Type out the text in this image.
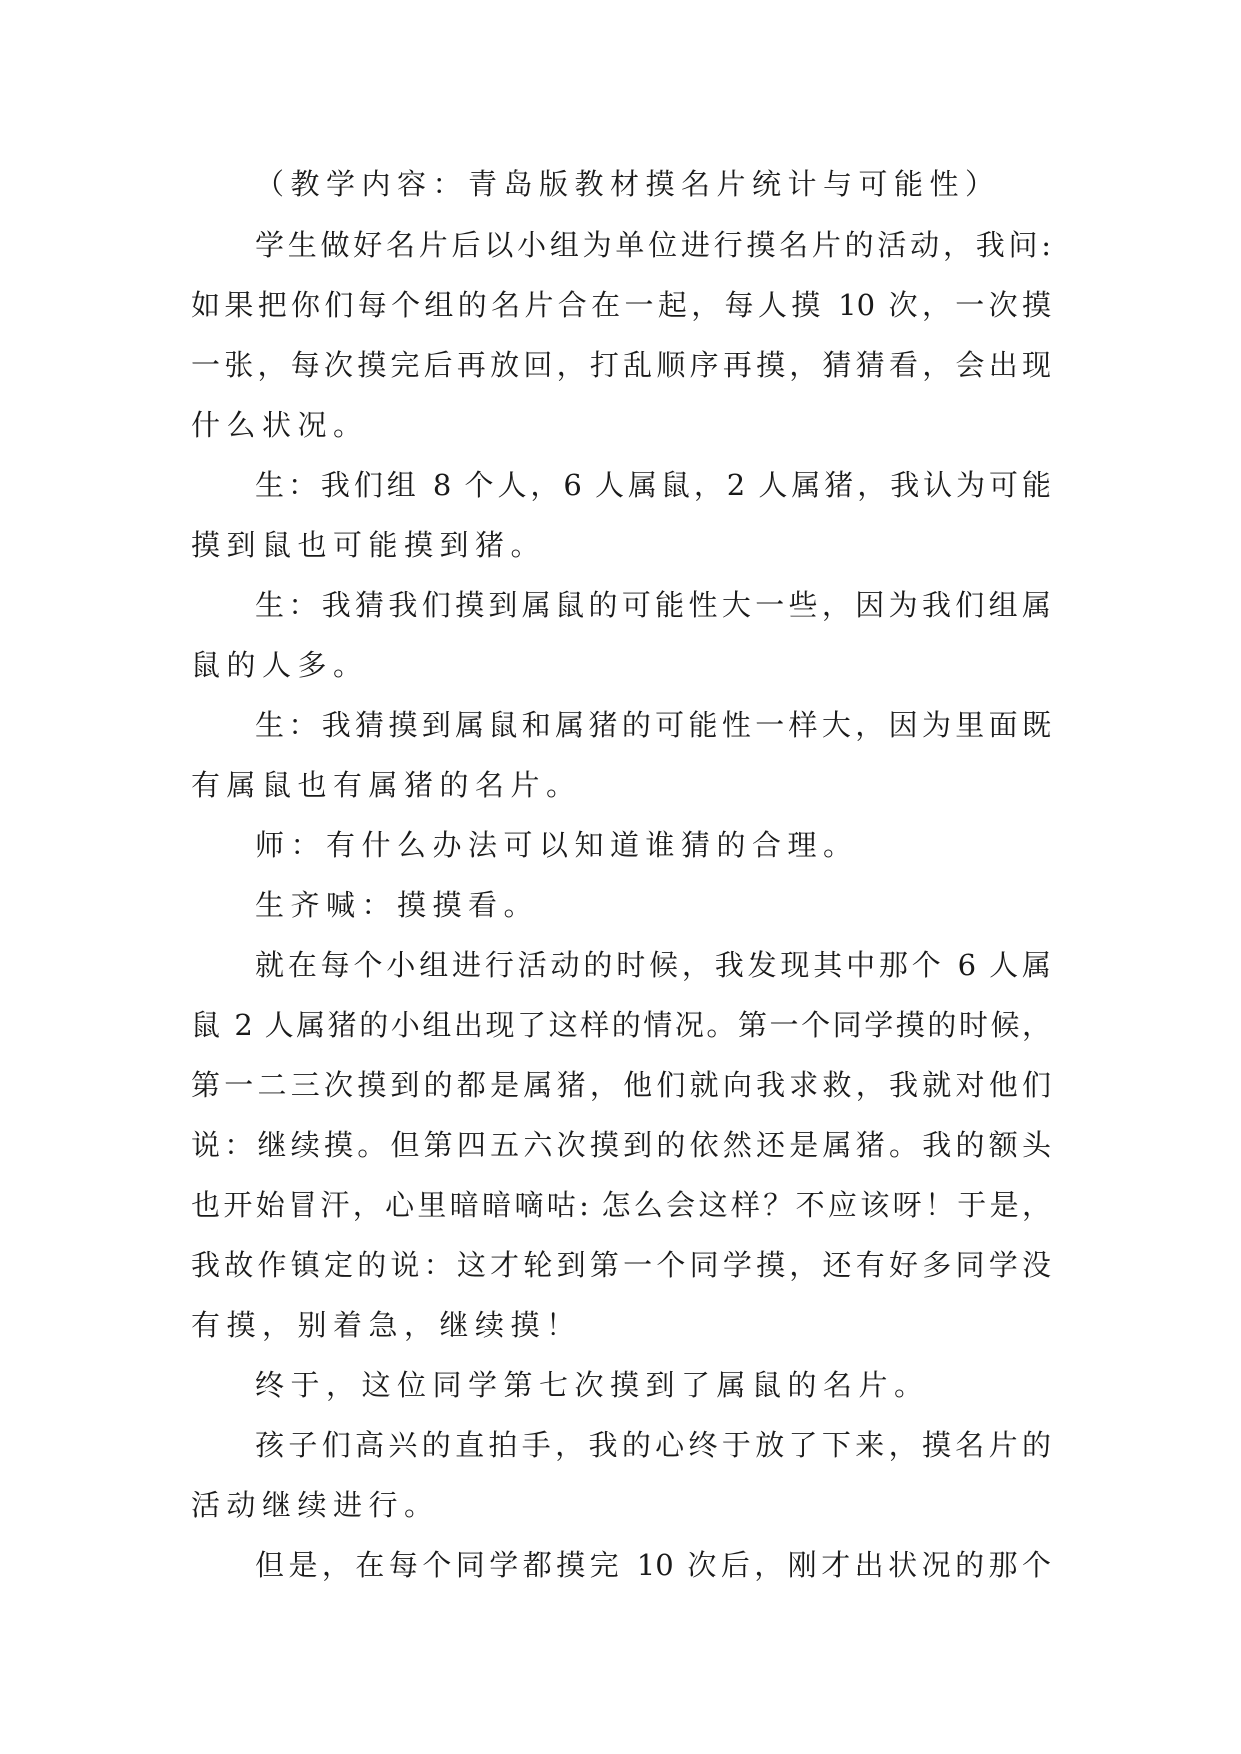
（教学内容：青岛版教材摸名片统计与可能性）
学生做好名片后以小组为单位进行摸名片的活动，我问:
如果把你们每个组的名片合在一起，每人摸 10 次，一次摸
一张，每次摸完后再放回，打乱顺序再摸，猜猜看，会出现
什么状况。
生：我们组 8 个人，6 人属鼠，2 人属猪，我认为可能
摸到鼠也可能摸到猪。
生：我猜我们摸到属鼠的可能性大一些，因为我们组属
鼠的人多。
生：我猜摸到属鼠和属猪的可能性一样大，因为里面既
有属鼠也有属猪的名片。
师：有什么办法可以知道谁猜的合理。
生齐喊：摸摸看。
就在每个小组进行活动的时候，我发现其中那个 6 人属
鼠 2 人属猪的小组出现了这样的情况。第一个同学摸的时候，
第一二三次摸到的都是属猪，他们就向我求救，我就对他们
说：继续摸。但第四五六次摸到的依然还是属猪。我的额头
也开始冒汗，心里暗暗嘀咕: 怎么会这样？不应该呀！于是，
我故作镇定的说：这才轮到第一个同学摸，还有好多同学没
有摸，别着急，继续摸！
终于，这位同学第七次摸到了属鼠的名片。
孩子们高兴的直拍手，我的心终于放了下来，摸名片的
活动继续进行。
但是，在每个同学都摸完 10 次后，刚才出状况的那个
